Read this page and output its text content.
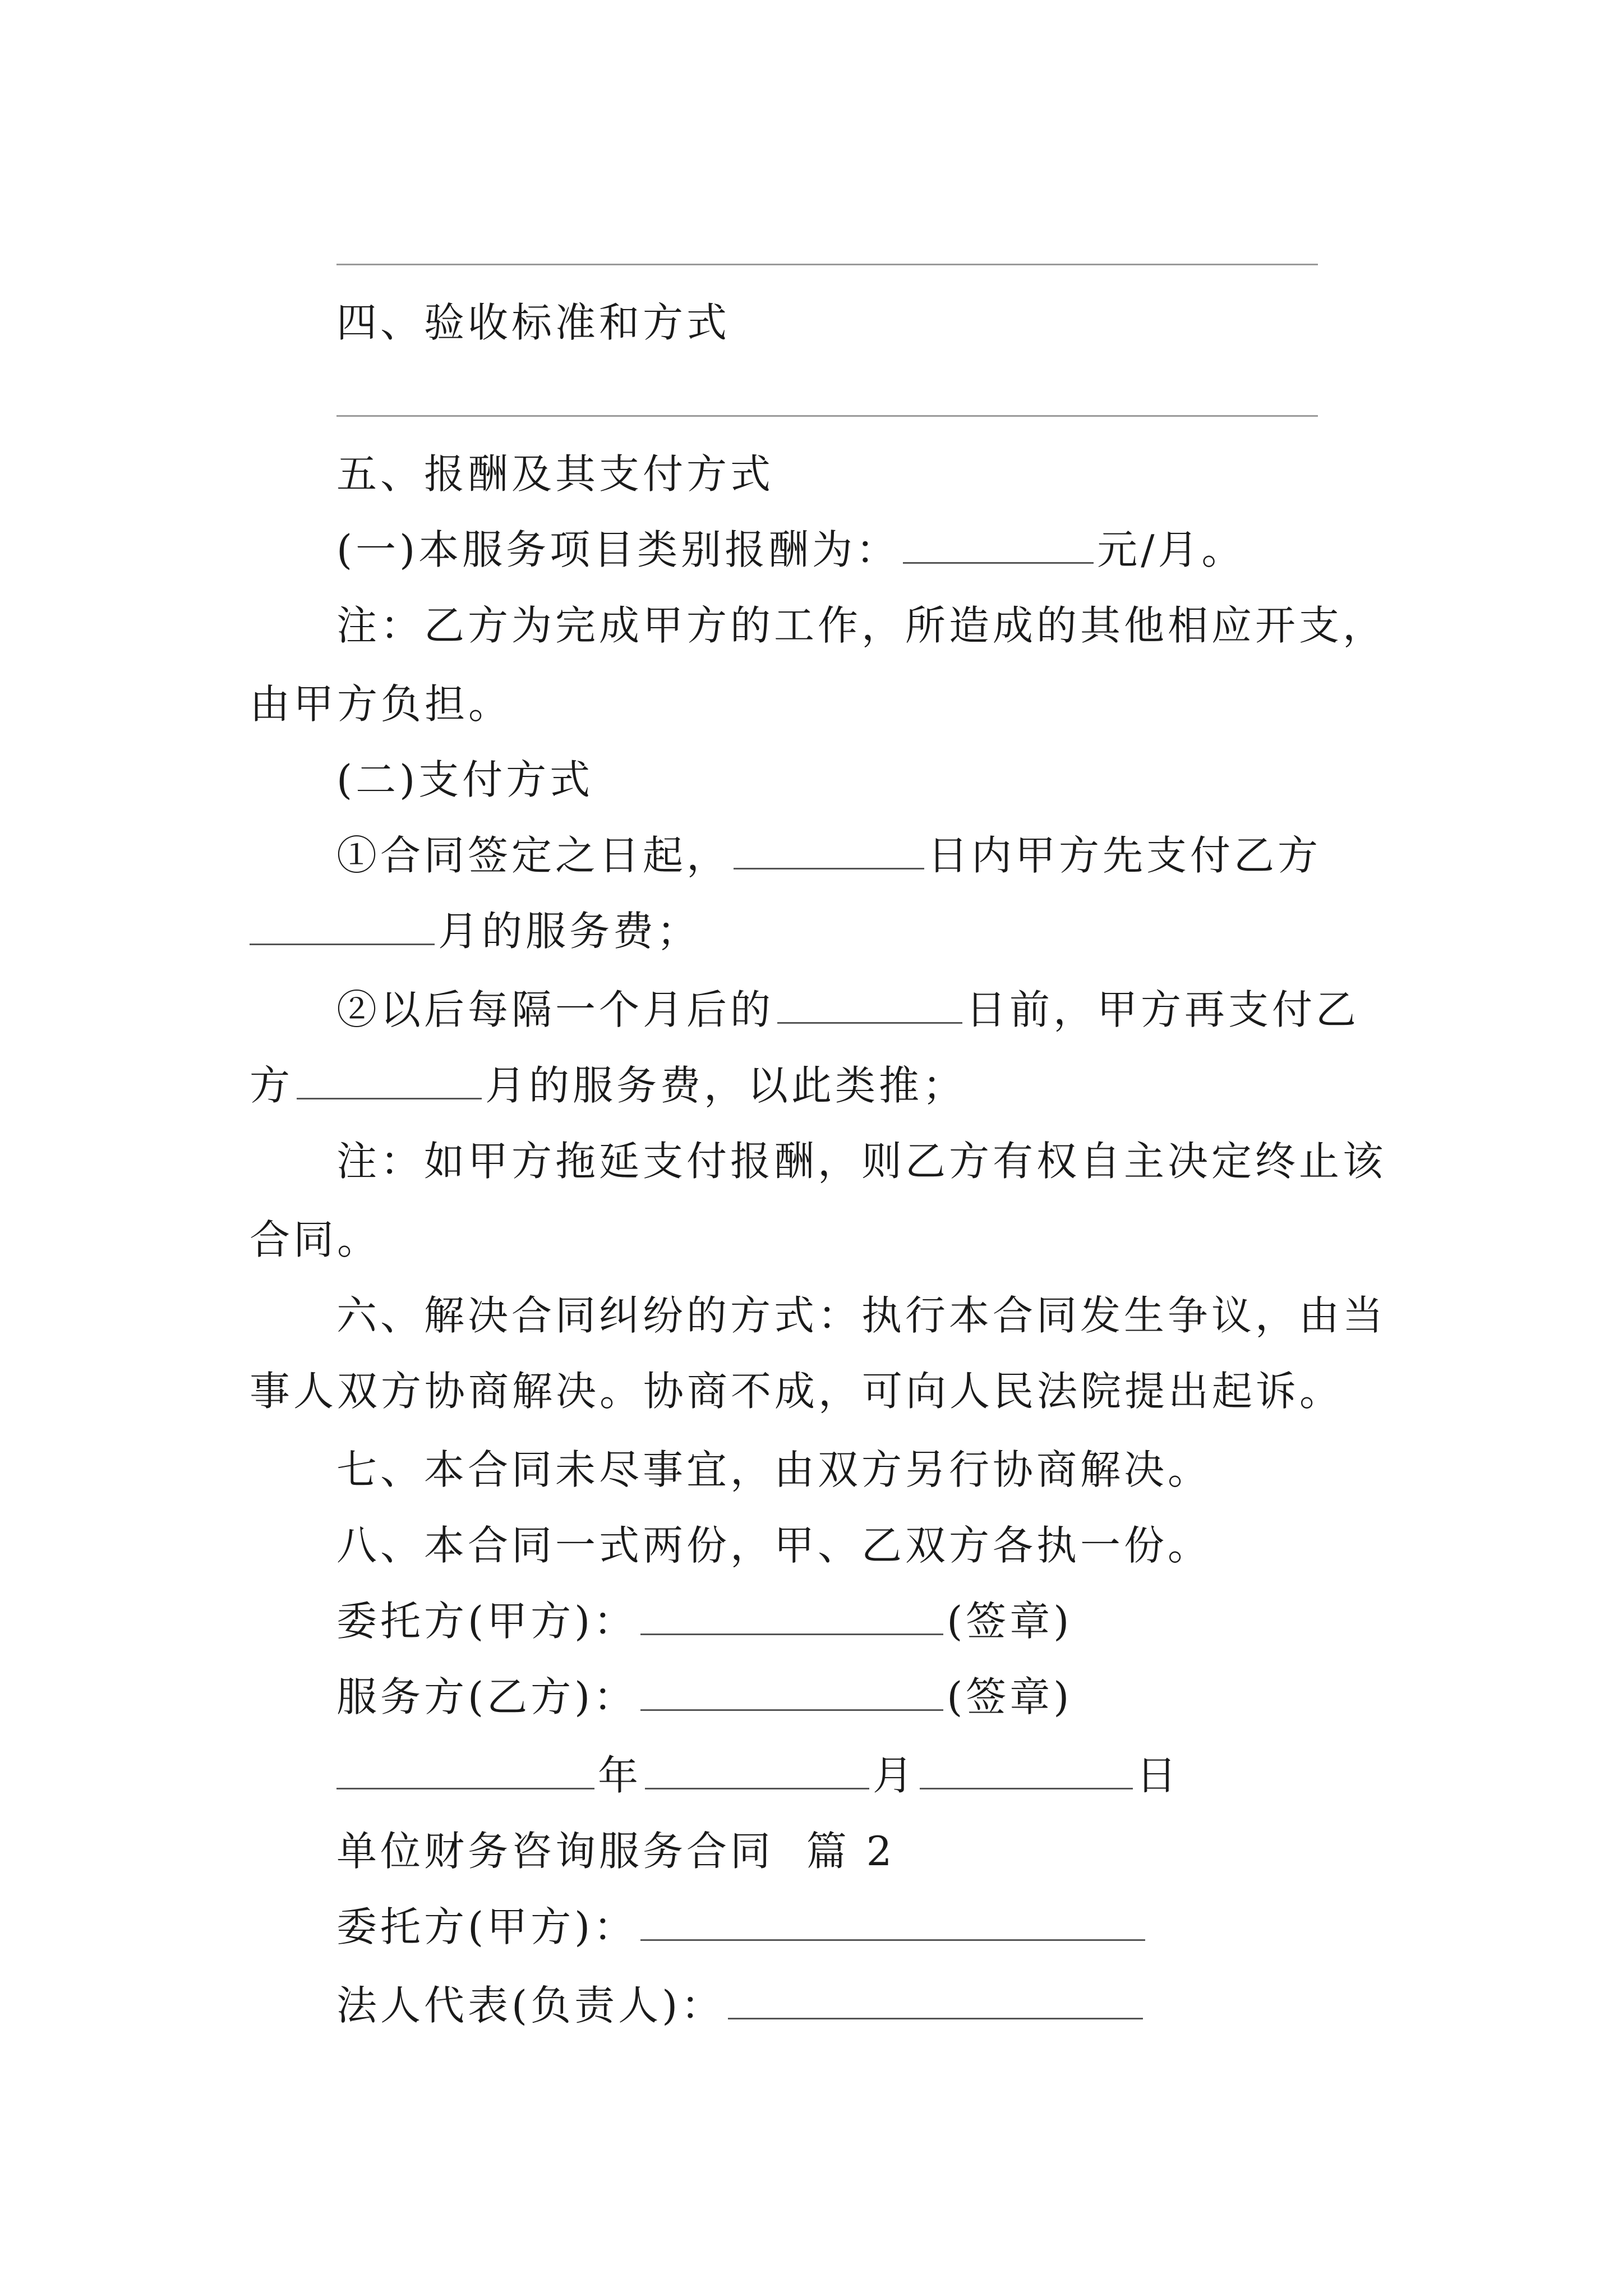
四、验收标准和方式
五、报酬及其支付方式
(一)本服务项目类别报酬为：	元/月。
注：乙方为完成甲方的工作，所造成的其他相应开支，
由甲方负担。
(二)支付方式
①合同签定之日起，	日内甲方先支付乙方
月的服务费；
②以后每隔一个月后的	日前，甲方再支付乙
方	月的服务费，以此类推；
注：如甲方拖延支付报酬，则乙方有权自主决定终止该
合同。
六、解决合同纠纷的方式：执行本合同发生争议，由当
事人双方协商解决。协商不成，可向人民法院提出起诉。
七、本合同未尽事宜，由双方另行协商解决。
八、本合同一式两份，甲、乙双方各执一份。
委托方(甲方)：	(签章)
服务方(乙方)：	(签章)
年	月	日
单位财务咨询服务合同  篇 2
委托方(甲方)：
法人代表(负责人)：
